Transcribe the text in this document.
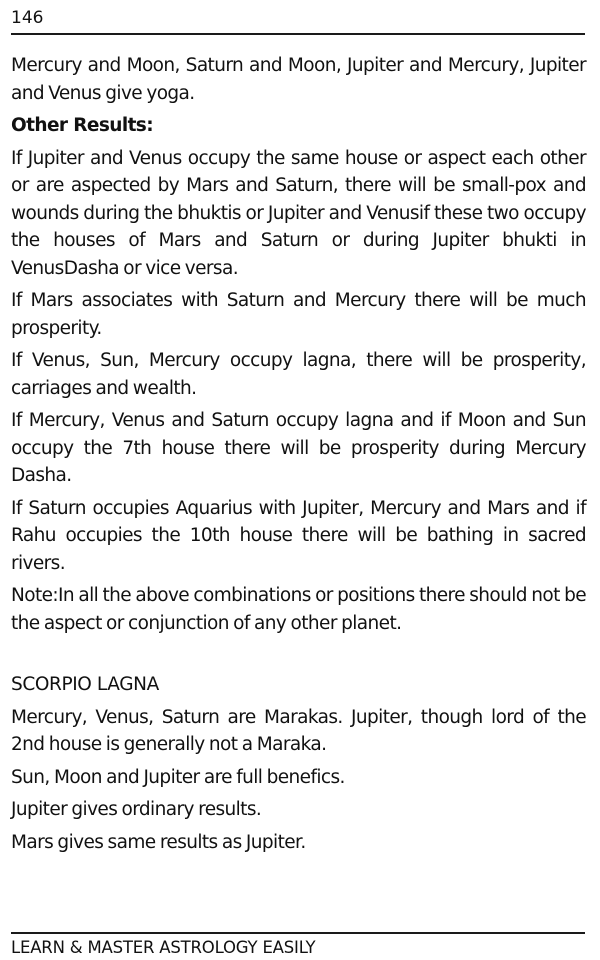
146

Mercury and Moon, Saturn and Moon, Jupiter and Mercury, Jupiter and Venus give yoga.

Other Results:

If Jupiter and Venus occupy the same house or aspect each other or are aspected by Mars and Saturn, there will be small-pox and wounds during the bhuktis or Jupiter and Venusif these two occupy the houses of Mars and Saturn or during Jupiter bhukti in VenusDasha or vice versa.

If Mars associates with Saturn and Mercury there will be much prosperity.

If Venus, Sun, Mercury occupy lagna, there will be prosperity, carriages and wealth.

If Mercury, Venus and Saturn occupy lagna and if Moon and Sun occupy the 7th house there will be prosperity during Mercury Dasha.

If Saturn occupies Aquarius with Jupiter, Mercury and Mars and if Rahu occupies the 10th house there will be bathing in sacred rivers.

Note:In all the above combinations or positions there should not be the aspect or conjunction of any other planet.

SCORPIO LAGNA

Mercury, Venus, Saturn are Marakas. Jupiter, though lord of the 2nd house is generally not a Maraka.

Sun, Moon and Jupiter are full benefics.

Jupiter gives ordinary results.

Mars gives same results as Jupiter.

LEARN & MASTER ASTROLOGY EASILY
